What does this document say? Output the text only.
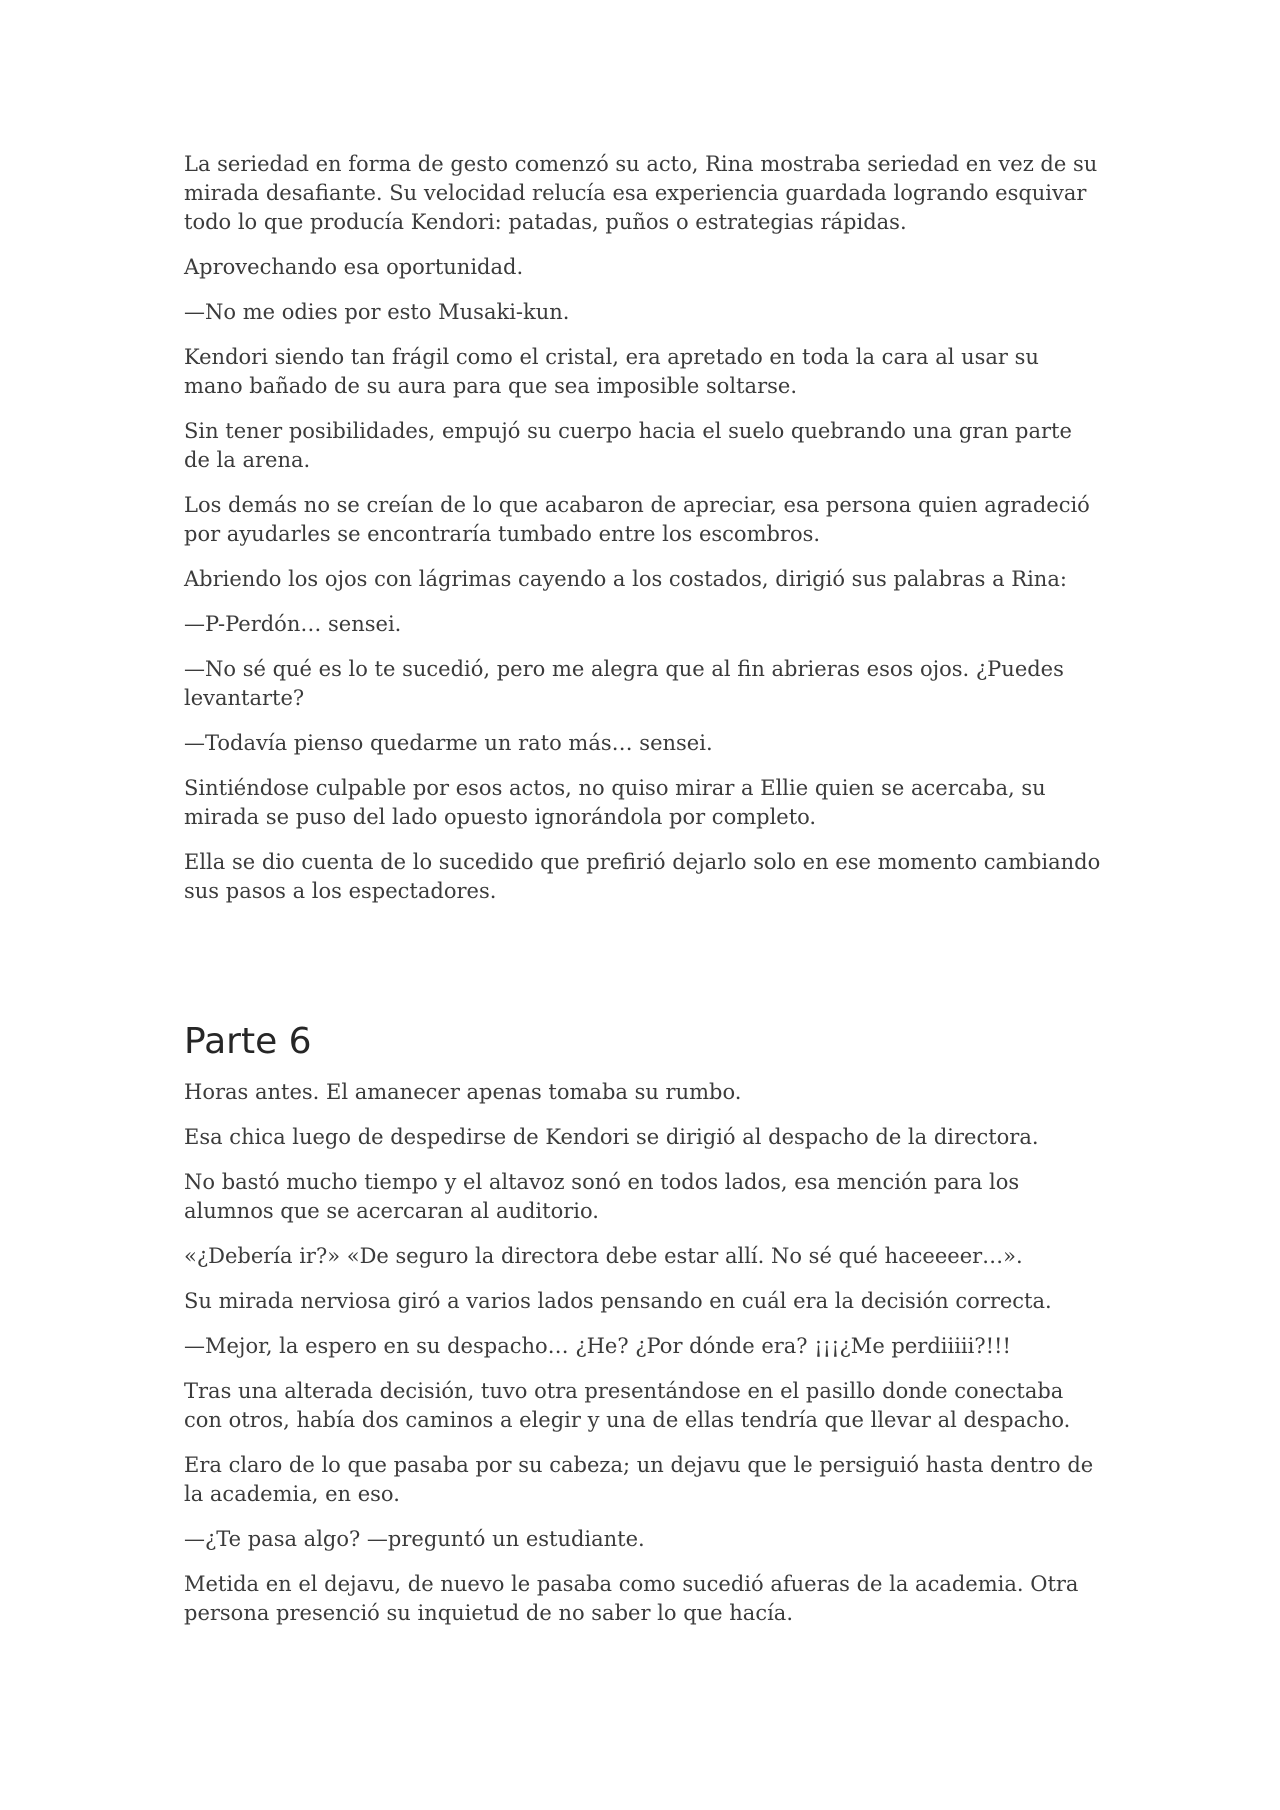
La seriedad en forma de gesto comenzó su acto, Rina mostraba seriedad en vez de su mirada desafiante. Su velocidad relucía esa experiencia guardada logrando esquivar todo lo que producía Kendori: patadas, puños o estrategias rápidas.

Aprovechando esa oportunidad.

—No me odies por esto Musaki-kun.

Kendori siendo tan frágil como el cristal, era apretado en toda la cara al usar su mano bañado de su aura para que sea imposible soltarse.

Sin tener posibilidades, empujó su cuerpo hacia el suelo quebrando una gran parte de la arena.

Los demás no se creían de lo que acabaron de apreciar, esa persona quien agradeció por ayudarles se encontraría tumbado entre los escombros.

Abriendo los ojos con lágrimas cayendo a los costados, dirigió sus palabras a Rina:

—P-Perdón… sensei.

—No sé qué es lo te sucedió, pero me alegra que al fin abrieras esos ojos. ¿Puedes levantarte?

—Todavía pienso quedarme un rato más… sensei.

Sintiéndose culpable por esos actos, no quiso mirar a Ellie quien se acercaba, su mirada se puso del lado opuesto ignorándola por completo.

Ella se dio cuenta de lo sucedido que prefirió dejarlo solo en ese momento cambiando sus pasos a los espectadores.

Parte 6

Horas antes. El amanecer apenas tomaba su rumbo.

Esa chica luego de despedirse de Kendori se dirigió al despacho de la directora.

No bastó mucho tiempo y el altavoz sonó en todos lados, esa mención para los alumnos que se acercaran al auditorio.

«¿Debería ir?» «De seguro la directora debe estar allí. No sé qué haceeeer…».

Su mirada nerviosa giró a varios lados pensando en cuál era la decisión correcta.

—Mejor, la espero en su despacho… ¿He? ¿Por dónde era? ¡¡¡¿Me perdiiiii?!!!

Tras una alterada decisión, tuvo otra presentándose en el pasillo donde conectaba con otros, había dos caminos a elegir y una de ellas tendría que llevar al despacho.

Era claro de lo que pasaba por su cabeza; un dejavu que le persiguió hasta dentro de la academia, en eso.

—¿Te pasa algo? —preguntó un estudiante.

Metida en el dejavu, de nuevo le pasaba como sucedió afueras de la academia. Otra persona presenció su inquietud de no saber lo que hacía.
